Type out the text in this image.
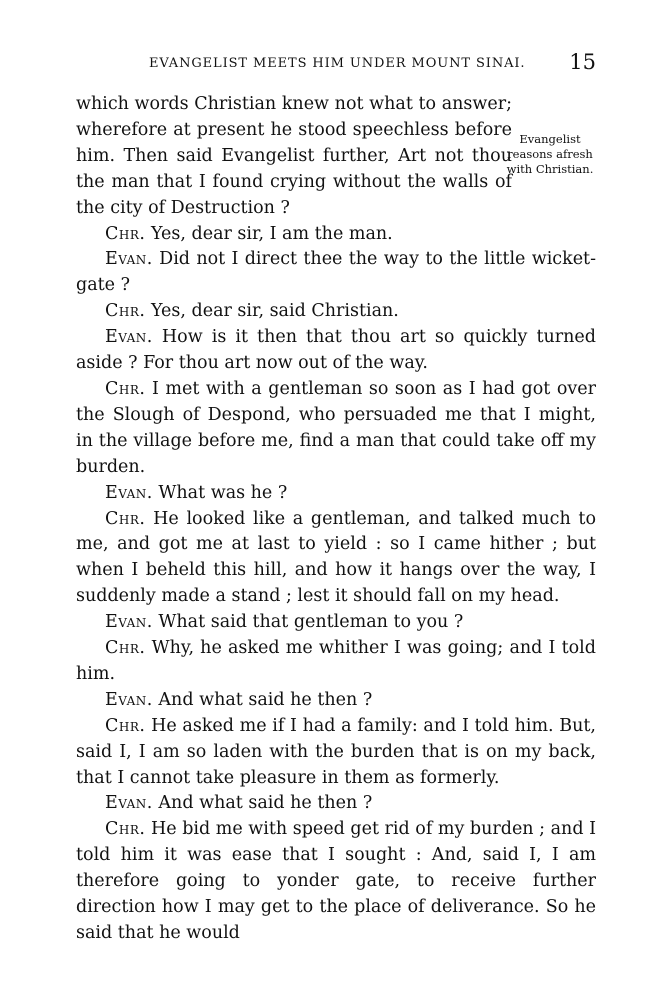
EVANGELIST MEETS HIM UNDER MOUNT SINAI. 15
Evangelist
reasons afresh
with Christian.

which words Christian knew not what to answer; wherefore at present he stood speechless before him. Then said Evangelist further, Art not thou the man that I found crying without the walls of the city of Destruction ?

Chr. Yes, dear sir, I am the man.

Evan. Did not I direct thee the way to the little wicket-gate ?

Chr. Yes, dear sir, said Christian.

Evan. How is it then that thou art so quickly turned aside ? For thou art now out of the way.

Chr. I met with a gentleman so soon as I had got over the Slough of Despond, who persuaded me that I might, in the village before me, find a man that could take off my burden.

Evan. What was he ?

Chr. He looked like a gentleman, and talked much to me, and got me at last to yield : so I came hither ; but when I beheld this hill, and how it hangs over the way, I suddenly made a stand ; lest it should fall on my head.

Evan. What said that gentleman to you ?

Chr. Why, he asked me whither I was going; and I told him.

Evan. And what said he then ?

Chr. He asked me if I had a family: and I told him. But, said I, I am so laden with the burden that is on my back, that I cannot take pleasure in them as formerly.

Evan. And what said he then ?

Chr. He bid me with speed get rid of my burden ; and I told him it was ease that I sought : And, said I, I am therefore going to yonder gate, to receive further direction how I may get to the place of deliverance. So he said that he would
